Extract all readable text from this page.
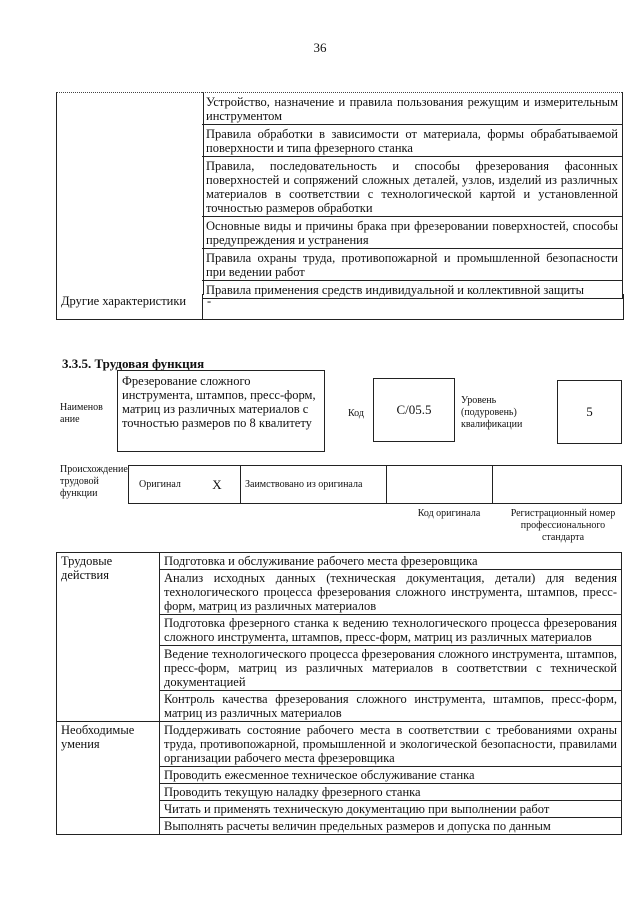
36
Устройство, назначение и правила пользования режущим и измерительным инструментом
Правила обработки в зависимости от материала, формы обрабатываемой поверхности и типа фрезерного станка
Правила, последовательность и способы фрезерования фасонных поверхностей и сопряжений сложных деталей, узлов, изделий из различных материалов в соответствии с технологической картой и установленной точностью размеров обработки
Основные виды и причины брака при фрезеровании поверхностей, способы предупреждения и устранения
Правила охраны труда, противопожарной и промышленной безопасности при ведении работ
Правила применения средств индивидуальной и коллективной защиты
Другие характеристики	-
3.3.5. Трудовая функция
Наименов ание
Фрезерование сложного инструмента, штампов, пресс-форм, матриц из различных материалов с точностью размеров по 8 квалитету
Код	C/05.5
Уровень (подуровень) квалификации
5
Происхождение трудовой функции
Оригинал	X	Заимствовано из оригинала
Код оригинала	Регистрационный номер профессионального стандарта
Трудовые действия	Подготовка и обслуживание рабочего места фрезеровщика
	Анализ исходных данных (техническая документация, детали) для ведения технологического процесса фрезерования сложного инструмента, штампов, пресс-форм, матриц из различных материалов
	Подготовка фрезерного станка к ведению технологического процесса фрезерования сложного инструмента, штампов, пресс-форм, матриц из различных материалов
	Ведение технологического процесса фрезерования сложного инструмента, штампов, пресс-форм, матриц из различных материалов в соответствии с технической документацией
	Контроль качества фрезерования сложного инструмента, штампов, пресс-форм, матриц из различных материалов
Необходимые умения	Поддерживать состояние рабочего места в соответствии с требованиями охраны труда, противопожарной, промышленной и экологической безопасности, правилами организации рабочего места фрезеровщика
	Проводить ежесменное техническое обслуживание станка
	Проводить текущую наладку фрезерного станка
	Читать и применять техническую документацию при выполнении работ
	Выполнять расчеты величин предельных размеров и допуска по данным
